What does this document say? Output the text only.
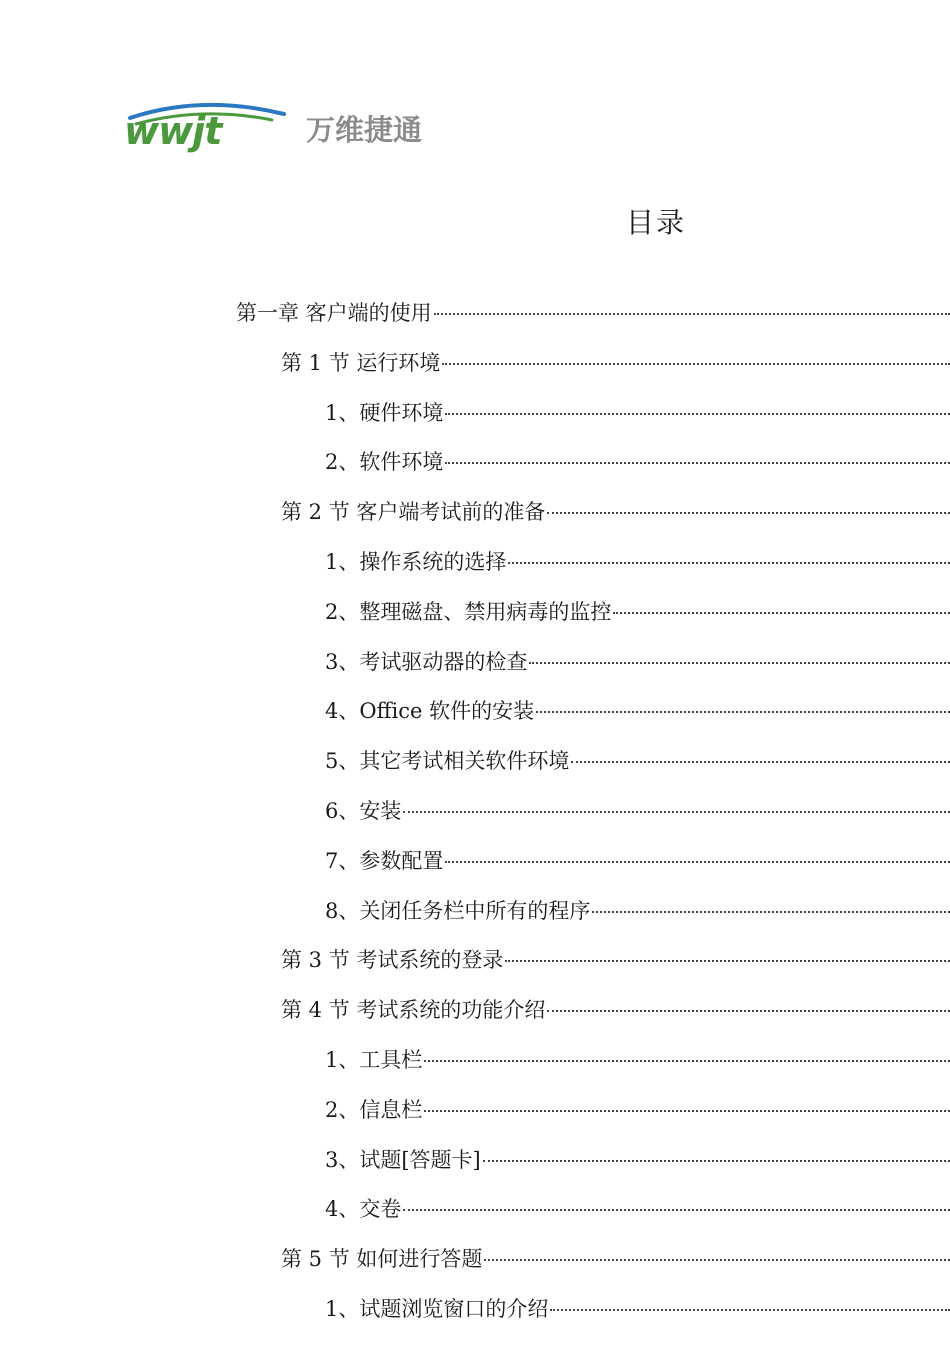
wwjt	万维捷通
目录
第一章 客户端的使用
第 1 节 运行环境
1、硬件环境
2、软件环境
第 2 节 客户端考试前的准备
1、操作系统的选择
2、整理磁盘、禁用病毒的监控
3、考试驱动器的检查
4、Office 软件的安装
5、其它考试相关软件环境
6、安装
7、参数配置
8、关闭任务栏中所有的程序
第 3 节 考试系统的登录
第 4 节 考试系统的功能介绍
1、工具栏
2、信息栏
3、试题[答题卡]
4、交卷
第 5 节 如何进行答题
1、试题浏览窗口的介绍
